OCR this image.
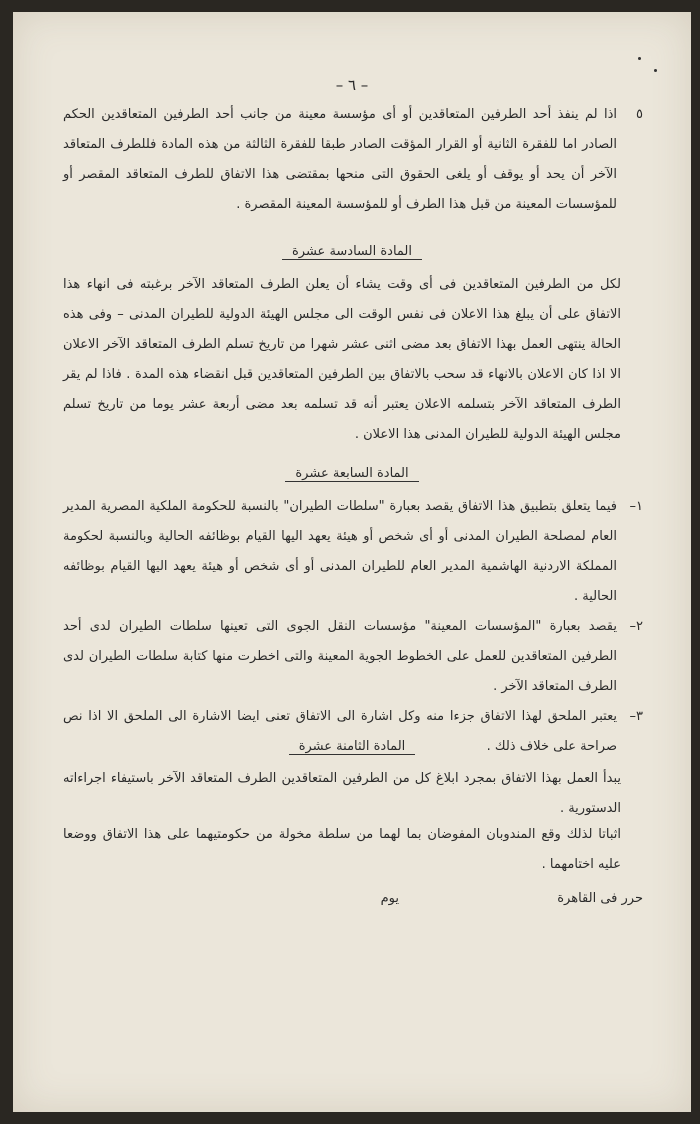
– ٦ –
٥
اذا لم ينفذ أحد الطرفين المتعاقدين أو أى مؤسسة معينة من جانب أحد الطرفين المتعاقدين الحكم الصادر اما للفقرة الثانية أو القرار المؤقت الصادر طبقا للفقرة الثالثة من هذه المادة فللطرف المتعاقد الآخر أن يحد أو يوقف أو يلغى الحقوق التى منحها بمقتضى هذا الاتفاق للطرف المتعاقد المقصر أو للمؤسسات المعينة من قبل هذا الطرف أو للمؤسسة المعينة المقصرة .
المادة السادسة عشرة
لكل من الطرفين المتعاقدين فى أى وقت يشاء أن يعلن الطرف المتعاقد الآخر برغبته فى انهاء هذا الاتفاق على أن يبلغ هذا الاعلان فى نفس الوقت الى مجلس الهيئة الدولية للطيران المدنى – وفى هذه الحالة ينتهى العمل بهذا الاتفاق بعد مضى اثنى عشر شهرا من تاريخ تسلم الطرف المتعاقد الآخر الاعلان الا اذا كان الاعلان بالانهاء قد سحب بالاتفاق بين الطرفين المتعاقدين قبل انقضاء هذه المدة . فاذا لم يقر الطرف المتعاقد الآخر بتسلمه الاعلان يعتبر أنه قد تسلمه بعد مضى أربعة عشر يوما من تاريخ تسلم مجلس الهيئة الدولية للطيران المدنى هذا الاعلان .
المادة السابعة عشرة
١–
فيما يتعلق بتطبيق هذا الاتفاق يقصد بعبارة "سلطات الطيران" بالنسبة للحكومة الملكية المصرية المدير العام لمصلحة الطيران المدنى أو أى شخص أو هيئة يعهد اليها القيام بوظائفه الحالية وبالنسبة لحكومة المملكة الاردنية الهاشمية المدير العام للطيران المدنى أو أى شخص أو هيئة يعهد اليها القيام بوظائفه الحالية .
٢–
يقصد بعبارة "المؤسسات المعينة" مؤسسات النقل الجوى التى تعينها سلطات الطيران لدى أحد الطرفين المتعاقدين للعمل على الخطوط الجوية المعينة والتى اخطرت منها كتابة سلطات الطيران لدى الطرف المتعاقد الآخر .
٣–
يعتبر الملحق لهذا الاتفاق جزءا منه وكل اشارة الى الاتفاق تعنى ايضا الاشارة الى الملحق الا اذا نص صراحة على خلاف ذلك .
المادة الثامنة عشرة
يبدأ العمل بهذا الاتفاق بمجرد ابلاغ كل من الطرفين المتعاقدين الطرف المتعاقد الآخر باستيفاء اجراءاته الدستورية .
اثباتا لذلك وقع المندوبان المفوضان بما لهما من سلطة مخولة من حكومتيهما على هذا الاتفاق ووضعا عليه اختامهما .
حرر فى القاهرة  يوم
